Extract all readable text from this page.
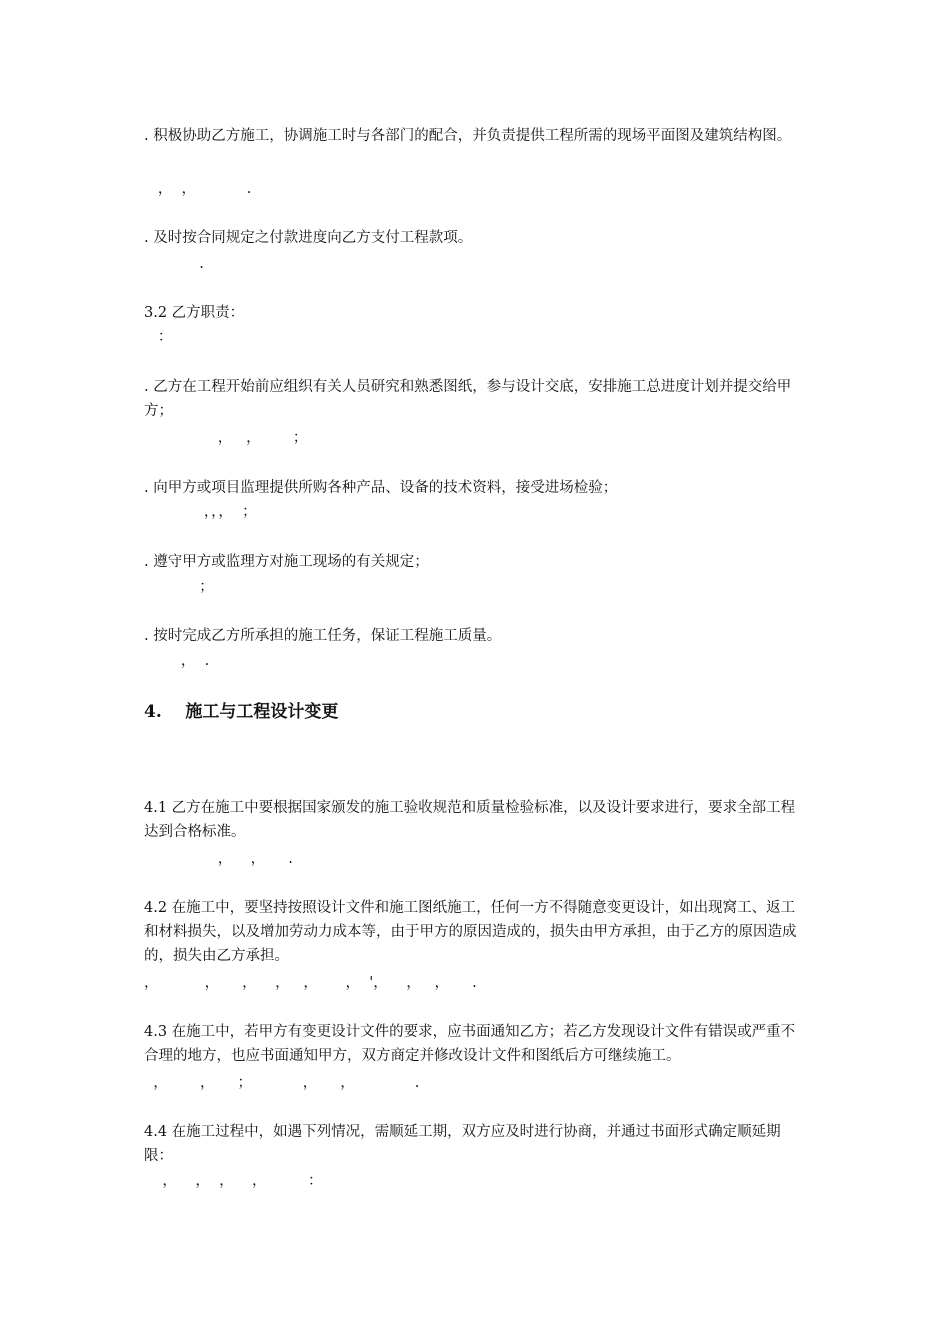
. 积极协助乙方施工，协调施工时与各部门的配合，并负责提供工程所需的现场平面图及建筑结构图。
，  ，           .
. 及时按合同规定之付款进度向乙方支付工程款项。
.
3.2 乙方职责：
：
. 乙方在工程开始前应组织有关人员研究和熟悉图纸，参与设计交底，安排施工总进度计划并提交给甲方；
，   ，       ；
. 向甲方或项目监理提供所购各种产品、设备的技术资料，接受进场检验；
，，，  ；
. 遵守甲方或监理方对施工现场的有关规定；
；
. 按时完成乙方所承担的施工任务，保证工程施工质量。
，  .
4.    施工与工程设计变更
4.1 乙方在施工中要根据国家颁发的施工验收规范和质量检验标准，以及设计要求进行，要求全部工程达到合格标准。
，    ，     .
4.2 在施工中，要坚持按照设计文件和施工图纸施工，任何一方不得随意变更设计，如出现窝工、返工和材料损失，以及增加劳动力成本等，由于甲方的原因造成的，损失由甲方承担，由于乙方的原因造成的，损失由乙方承担。
，          ，     ，    ，   ，      ，  '，    ，   ，     .
4.3 在施工中，若甲方有变更设计文件的要求，应书面通知乙方；若乙方发现设计文件有错误或严重不合理的地方，也应书面通知甲方，双方商定并修改设计文件和图纸后方可继续施工。
，       ，     ；           ，     ，             .
4.4 在施工过程中，如遇下列情况，需顺延工期，双方应及时进行协商，并通过书面形式确定顺延期限：
，    ，  ，    ，         ：
